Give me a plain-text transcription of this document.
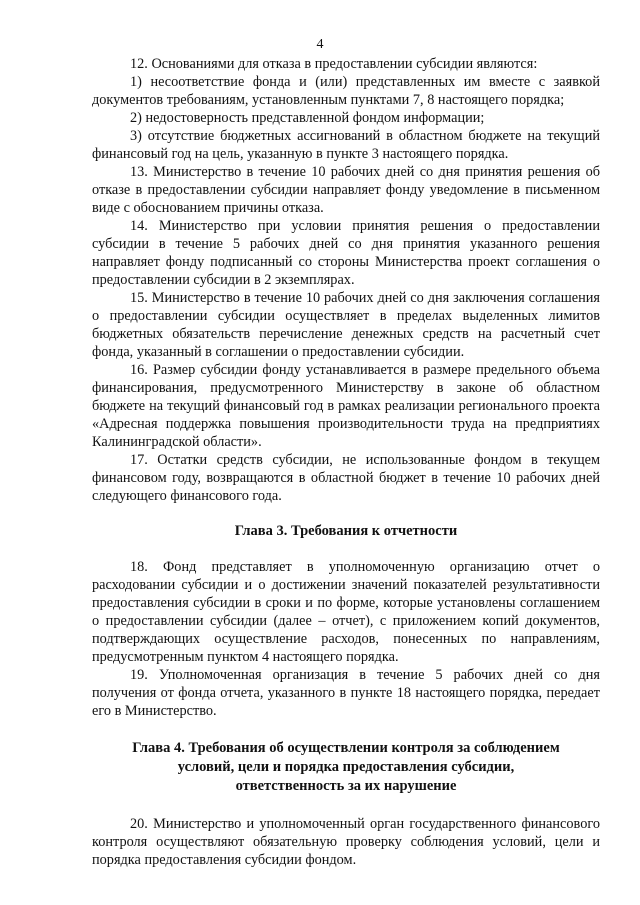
4

12. Основаниями для отказа в предоставлении субсидии являются:

1) несоответствие фонда и (или) представленных им вместе с заявкой документов требованиям, установленным пунктами 7, 8 настоящего порядка;

2) недостоверность представленной фондом информации;

3) отсутствие бюджетных ассигнований в областном бюджете на текущий финансовый год на цель, указанную в пункте 3 настоящего порядка.

13. Министерство в течение 10 рабочих дней со дня принятия решения об отказе в предоставлении субсидии направляет фонду уведомление в письменном виде с обоснованием причины отказа.

14. Министерство при условии принятия решения о предоставлении субсидии в течение 5 рабочих дней со дня принятия указанного решения направляет фонду подписанный со стороны Министерства проект соглашения о предоставлении субсидии в 2 экземплярах.

15. Министерство в течение 10 рабочих дней со дня заключения соглашения о предоставлении субсидии осуществляет в пределах выделенных лимитов бюджетных обязательств перечисление денежных средств на расчетный счет фонда, указанный в соглашении о предоставлении субсидии.

16. Размер субсидии фонду устанавливается в размере предельного объема финансирования, предусмотренного Министерству в законе об областном бюджете на текущий финансовый год в рамках реализации регионального проекта «Адресная поддержка повышения производительности труда на предприятиях Калининградской области».

17. Остатки средств субсидии, не использованные фондом в текущем финансовом году, возвращаются в областной бюджет в течение 10 рабочих дней следующего финансового года.

Глава 3. Требования к отчетности

18. Фонд представляет в уполномоченную организацию отчет о расходовании субсидии и о достижении значений показателей результативности предоставления субсидии в сроки и по форме, которые установлены соглашением о предоставлении субсидии (далее – отчет), с приложением копий документов, подтверждающих осуществление расходов, понесенных по направлениям, предусмотренным пунктом 4 настоящего порядка.

19. Уполномоченная организация в течение 5 рабочих дней со дня получения от фонда отчета, указанного в пункте 18 настоящего порядка, передает его в Министерство.

Глава 4. Требования об осуществлении контроля за соблюдением
условий, цели и порядка предоставления субсидии,
ответственность за их нарушение

20. Министерство и уполномоченный орган государственного финансового контроля осуществляют обязательную проверку соблюдения условий, цели и порядка предоставления субсидии фондом.
